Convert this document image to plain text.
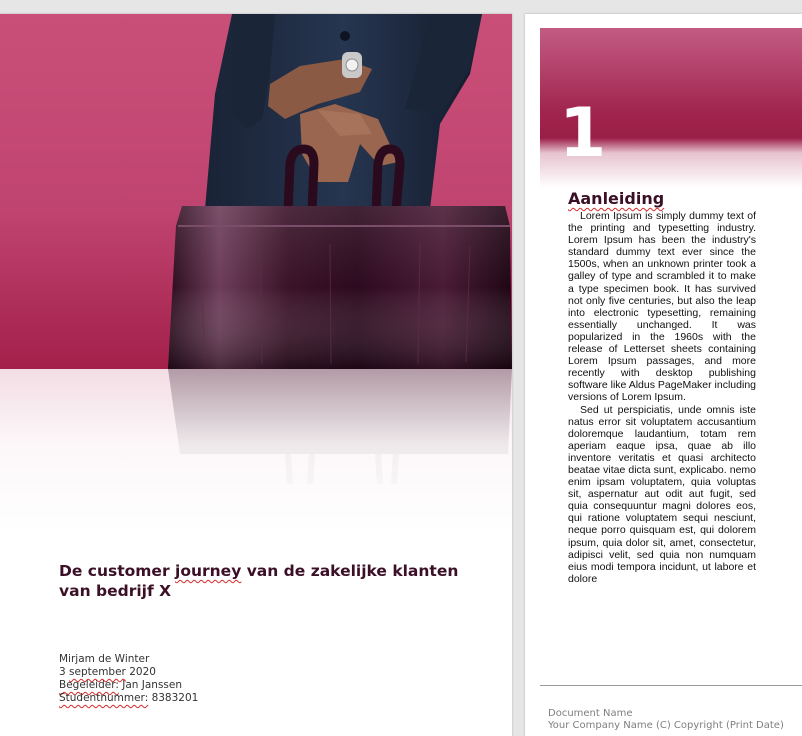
De customer journey van de zakelijke klanten van bedrijf X
Mirjam de Winter
3 september 2020
Begeleider: Jan Janssen
Studentnummer: 8383201
1
Aanleiding

Lorem Ipsum is simply dummy text of the printing and typesetting industry. Lorem Ipsum has been the industry's standard dummy text ever since the 1500s, when an unknown printer took a galley of type and scrambled it to make a type specimen book. It has survived not only five centuries, but also the leap into electronic typesetting, remaining essentially unchanged. It was popularized in the 1960s with the release of Letterset sheets containing Lorem Ipsum passages, and more recently with desktop publishing software like Aldus PageMaker including versions of Lorem Ipsum.

Sed ut perspiciatis, unde omnis iste natus error sit voluptatem accusantium doloremque laudantium, totam rem aperiam eaque ipsa, quae ab illo inventore veritatis et quasi architecto beatae vitae dicta sunt, explicabo. nemo enim ipsam voluptatem, quia voluptas sit, aspernatur aut odit aut fugit, sed quia consequuntur magni dolores eos, qui ratione voluptatem sequi nesciunt, neque porro quisquam est, qui dolorem ipsum, quia dolor sit, amet, consectetur, adipisci velit, sed quia non numquam eius modi tempora incidunt, ut labore et dolore

Document Name
Your Company Name (C) Copyright (Print Date)
